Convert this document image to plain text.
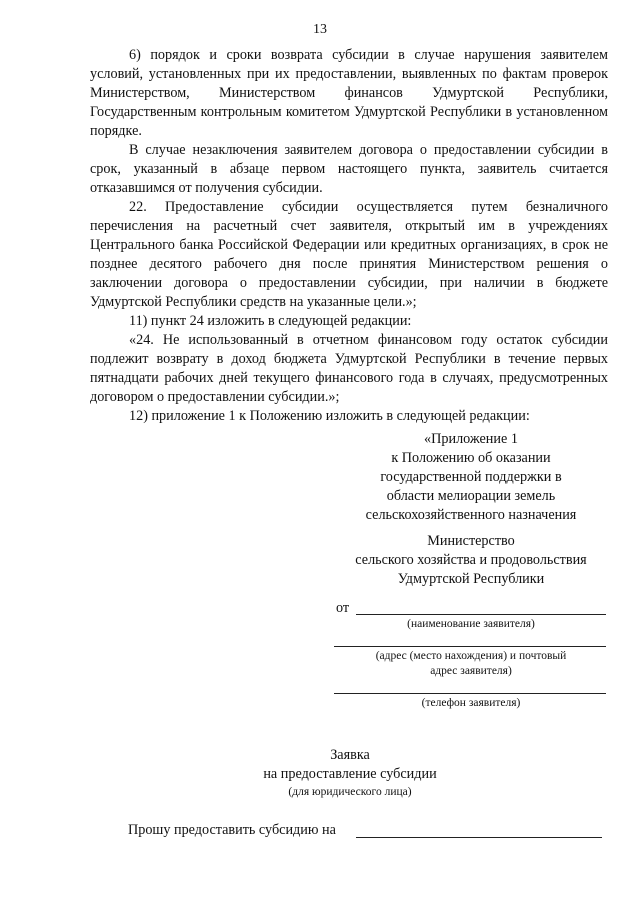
13

6) порядок и сроки возврата субсидии в случае нарушения заявителем условий, установленных при их предоставлении, выявленных по фактам проверок Министерством, Министерством финансов Удмуртской Республики, Государственным контрольным комитетом Удмуртской Республики в установленном порядке.

В случае незаключения заявителем договора о предоставлении субсидии в срок, указанный в абзаце первом настоящего пункта, заявитель считается отказавшимся от получения субсидии.

22. Предоставление субсидии осуществляется путем безналичного перечисления на расчетный счет заявителя, открытый им в учреждениях Центрального банка Российской Федерации или кредитных организациях, в срок не позднее десятого рабочего дня после принятия Министерством решения о заключении договора о предоставлении субсидии, при наличии в бюджете Удмуртской Республики средств на указанные цели.»;

11) пункт 24 изложить в следующей редакции:

«24. Не использованный в отчетном финансовом году остаток субсидии подлежит возврату в доход бюджета Удмуртской Республики в течение первых пятнадцати рабочих дней текущего финансового года в случаях, предусмотренных договором о предоставлении субсидии.»;

12) приложение 1 к Положению изложить в следующей редакции:

«Приложение 1

к Положению об оказании

государственной поддержки в

области мелиорации земель

сельскохозяйственного назначения

Министерство

сельского хозяйства и продовольствия

Удмуртской Республики

от

(наименование заявителя)

(адрес (место нахождения) и почтовый

адрес заявителя)

(телефон заявителя)

Заявка

на предоставление субсидии

(для юридического лица)

Прошу предоставить субсидию на
